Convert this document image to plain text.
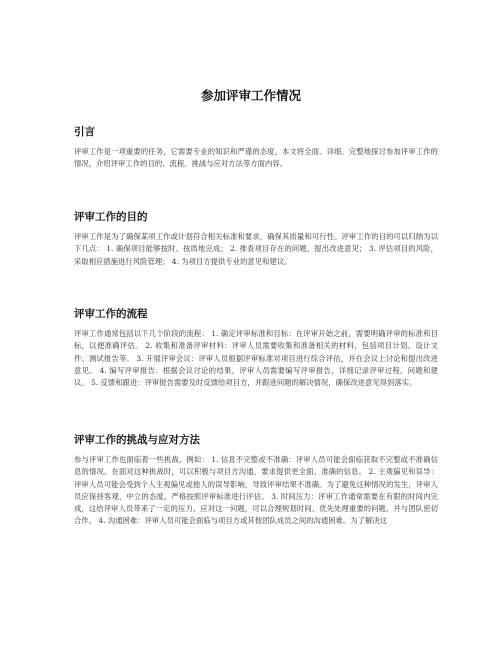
参加评审工作情况
引言

评审工作是一项重要的任务，它需要专业的知识和严谨的态度。本文将全面、详细、完整地探讨参加评审工作的情况，介绍评审工作的目的、流程、挑战与应对方法等方面内容。

评审工作的目的

评审工作是为了确保某项工作或计划符合相关标准和要求，确保其质量和可行性。评审工作的目的可以归纳为以下几点： 1. 确保项目能够按时、按质地完成； 2. 排查项目存在的问题，提出改进意见； 3. 评估项目的风险，采取相应措施进行风险管理； 4. 为项目方提供专业的意见和建议。

评审工作的流程

评审工作通常包括以下几个阶段的流程： 1. 确定评审标准和目标：在评审开始之前，需要明确评审的标准和目标，以便准确评估。 2. 收集和准备评审材料：评审人员需要收集和准备相关的材料，包括项目计划、设计文件、测试报告等。 3. 开展评审会议：评审人员根据评审标准对项目进行综合评估，并在会议上讨论和提出改进意见。 4. 编写评审报告：根据会议讨论的结果，评审人员需要编写评审报告，详细记录评审过程、问题和建议。 5. 反馈和跟进：评审报告需要及时反馈给项目方，并跟进问题的解决情况，确保改进意见得到落实。

评审工作的挑战与应对方法

参与评审工作也面临着一些挑战，例如： 1. 信息不完整或不准确：评审人员可能会面临获取不完整或不准确信息的情况。在面对这种挑战时，可以积极与项目方沟通，要求提供更全面、准确的信息。 2. 主观偏见和误导：评审人员可能会受到个人主观偏见或他人的误导影响，导致评审结果不准确。为了避免这种情况的发生，评审人员应保持客观、中立的态度，严格按照评审标准进行评估。 3. 时间压力：评审工作通常需要在有限的时间内完成，这给评审人员带来了一定的压力。应对这一问题，可以合理规划时间、优先处理重要的问题，并与团队密切合作。 4. 沟通困难：评审人员可能会面临与项目方或其他团队成员之间的沟通困难。为了解决这
